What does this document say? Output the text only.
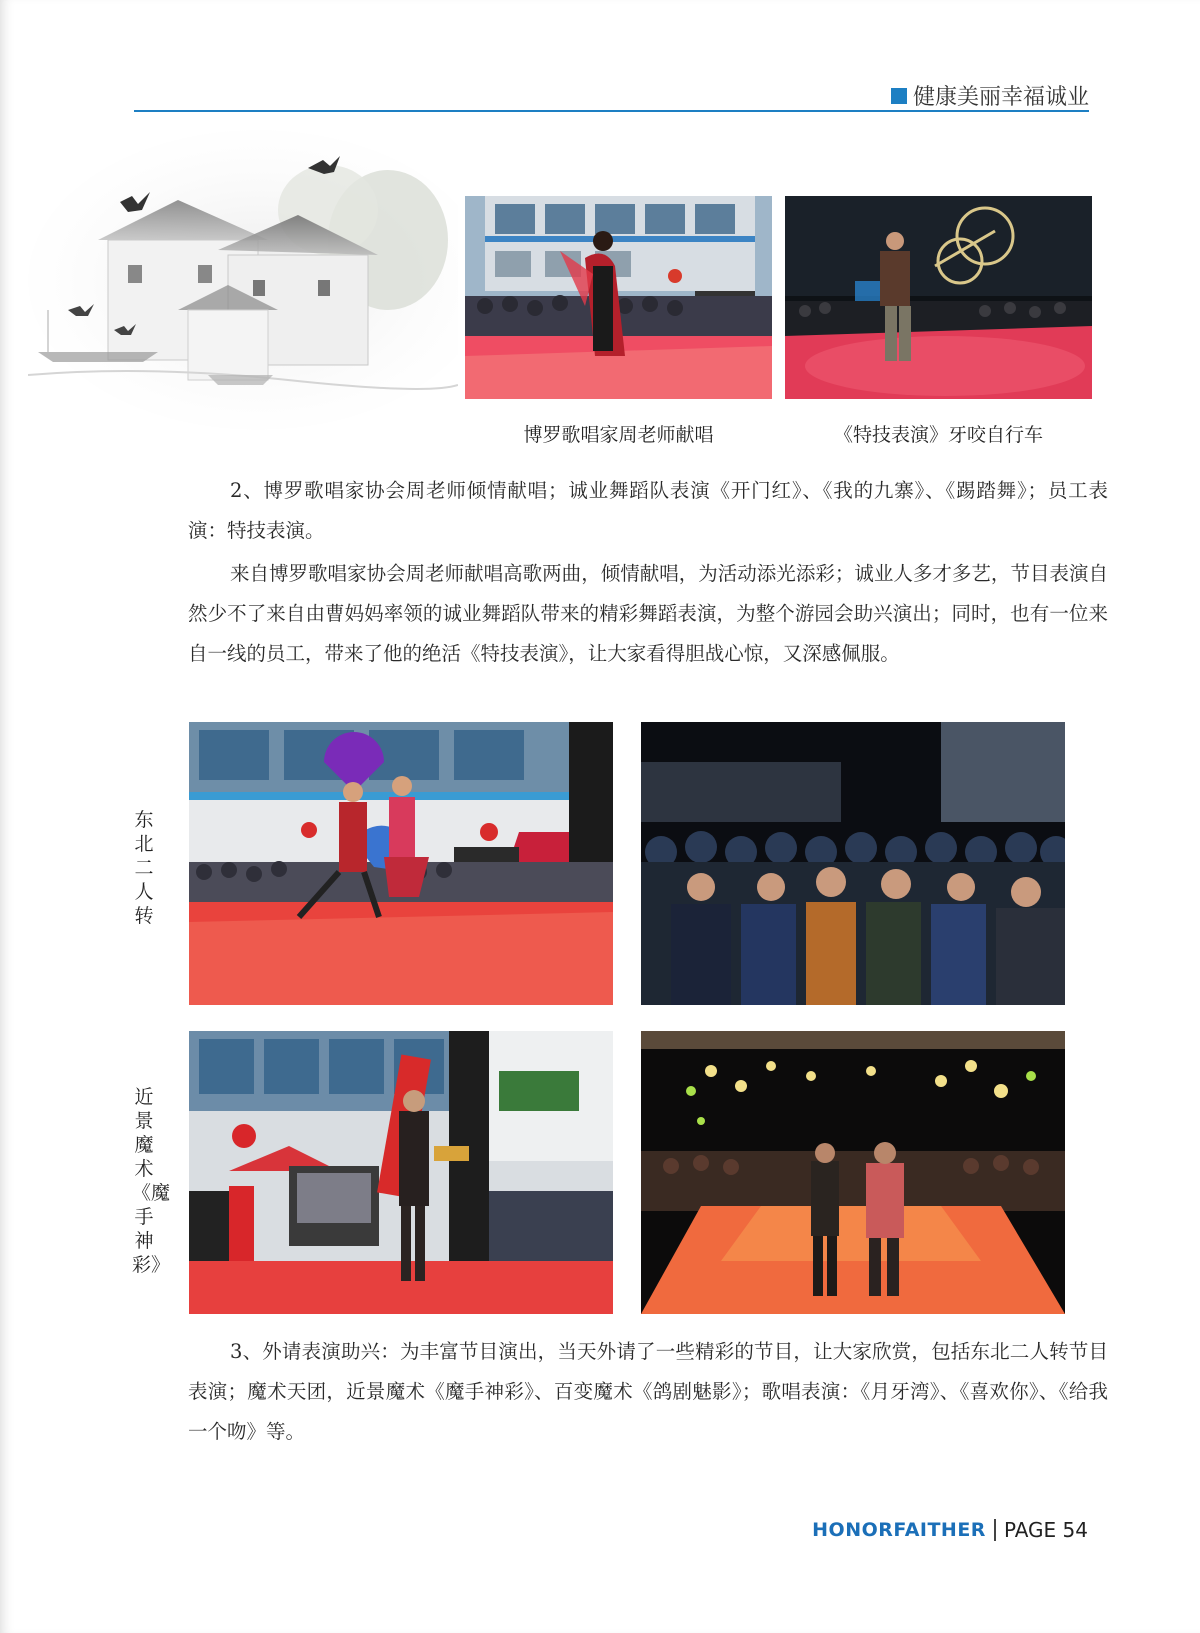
健康美丽幸福诚业
博罗歌唱家周老师献唱	《特技表演》牙咬自行车
2、博罗歌唱家协会周老师倾情献唱；诚业舞蹈队表演《开门红》、《我的九寨》、《踢踏舞》；员工表演：特技表演。
来自博罗歌唱家协会周老师献唱高歌两曲，倾情献唱，为活动添光添彩；诚业人多才多艺，节目表演自然少不了来自由曹妈妈率领的诚业舞蹈队带来的精彩舞蹈表演，为整个游园会助兴演出；同时，也有一位来自一线的员工，带来了他的绝活《特技表演》，让大家看得胆战心惊，又深感佩服。
东北二人转
近景魔术《魔手神彩》
3、外请表演助兴：为丰富节目演出，当天外请了一些精彩的节目，让大家欣赏，包括东北二人转节目表演；魔术天团，近景魔术《魔手神彩》、百变魔术《鸽剧魅影》；歌唱表演：《月牙湾》、《喜欢你》、《给我一个吻》等。
HONORFAITHER PAGE 54
